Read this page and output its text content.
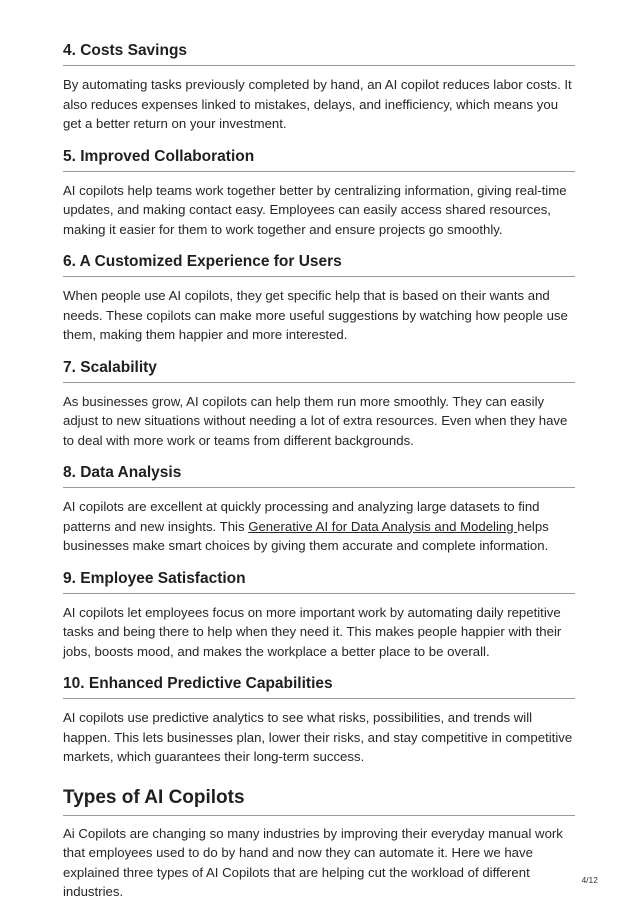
4. Costs Savings

By automating tasks previously completed by hand, an AI copilot reduces labor costs. It also reduces expenses linked to mistakes, delays, and inefficiency, which means you get a better return on your investment.

5. Improved Collaboration

AI copilots help teams work together better by centralizing information, giving real-time updates, and making contact easy. Employees can easily access shared resources, making it easier for them to work together and ensure projects go smoothly.

6. A Customized Experience for Users

When people use AI copilots, they get specific help that is based on their wants and needs. These copilots can make more useful suggestions by watching how people use them, making them happier and more interested.

7. Scalability

As businesses grow, AI copilots can help them run more smoothly. They can easily adjust to new situations without needing a lot of extra resources. Even when they have to deal with more work or teams from different backgrounds.

8. Data Analysis

AI copilots are excellent at quickly processing and analyzing large datasets to find patterns and new insights. This Generative AI for Data Analysis and Modeling helps businesses make smart choices by giving them accurate and complete information.

9. Employee Satisfaction

AI copilots let employees focus on more important work by automating daily repetitive tasks and being there to help when they need it. This makes people happier with their jobs, boosts mood, and makes the workplace a better place to be overall.

10. Enhanced Predictive Capabilities

AI copilots use predictive analytics to see what risks, possibilities, and trends will happen. This lets businesses plan, lower their risks, and stay competitive in competitive markets, which guarantees their long-term success.

Types of AI Copilots

Ai Copilots are changing so many industries by improving their everyday manual work that employees used to do by hand and now they can automate it. Here we have explained three types of AI Copilots that are helping cut the workload of different industries.

4/12
